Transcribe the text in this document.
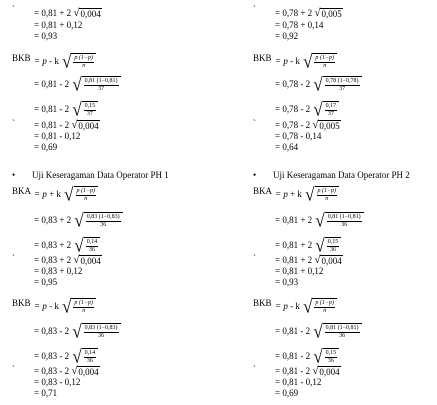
` = 0,81 + 2 √ 0,004
= 0,81 + 0,12
= 0,93
BKB = p - k √ $\frac{p (1-p)}{n}$
= 0,81 - 2 √ $\frac{0,81 (1-0,81)}{37}$
= 0,81 - 2 √ $\frac{0,15}{37}$
` = 0,81 - 2 √ 0,004
= 0,81 - 0,12
= 0,69
• Uji Keseragaman Data Operator PH 1
BKA = p + k √ $\frac{p (1-p)}{n}$
= 0,83 + 2 √ $\frac{0,83 (1-0,83)}{36}$
= 0,83 + 2 √ $\frac{0,14}{36}$
` = 0,83 + 2 √ 0,004
= 0,83 + 0,12
= 0,95
BKB = p - k √ $\frac{p (1-p)}{n}$
= 0,83 - 2 √ $\frac{0,83 (1-0,83)}{36}$
= 0,83 - 2 √ $\frac{0,14}{36}$
` = 0,83 - 2 √ 0,004
= 0,83 - 0,12
= 0,71
` = 0,78 + 2 √ 0,005
= 0,78 + 0,14
= 0,92
BKB = p - k √ $\frac{p (1-p)}{n}$
= 0,78 - 2 √ $\frac{0,78 (1-0,78)}{37}$
= 0,78 - 2 √ $\frac{0,17}{37}$
` = 0,78 - 2 √ 0,005
= 0,78 - 0,14
= 0,64
• Uji Keseragaman Data Operator PH 2
BKA = p + k √ $\frac{p (1-p)}{n}$
= 0,81 + 2 √ $\frac{0,81 (1-0,81)}{36}$
= 0,81 + 2 √ $\frac{0,15}{36}$
` = 0,81 + 2 √ 0,004
= 0,81 + 0,12
= 0,93
BKB = p - k √ $\frac{p (1-p)}{n}$
= 0,81 - 2 √ $\frac{0,81 (1-0,81)}{36}$
= 0,81 - 2 √ $\frac{0,15}{36}$
` = 0,81 - 2 √ 0,004
= 0,81 - 0,12
= 0,69
